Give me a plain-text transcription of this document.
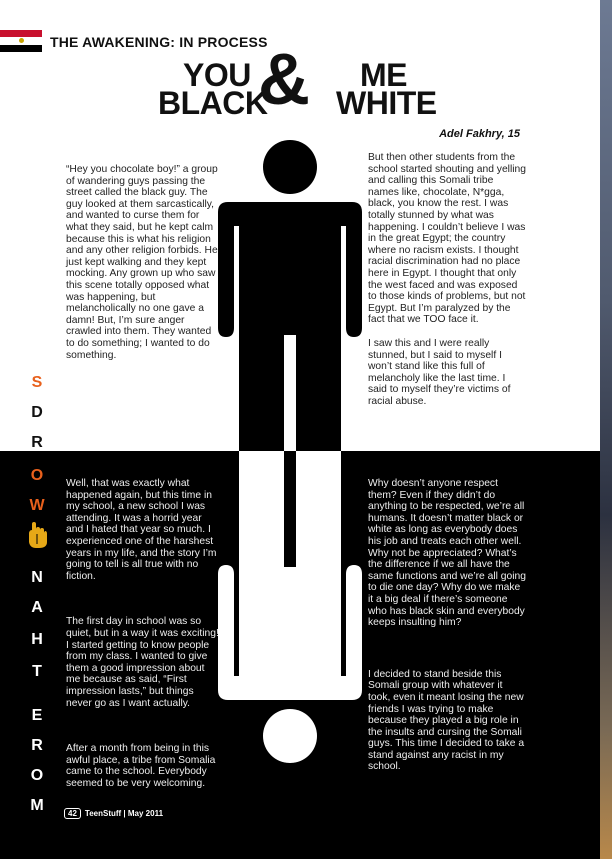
THE AWAKENING: IN PROCESS
YOU
BLACK
& ME
WHITE
Adel Fakhry, 15

“Hey you chocolate boy!” a group of wandering guys passing the street called the black guy. The guy looked at them sarcastically, and wanted to curse them for what they said, but he kept calm because this is what his religion and any other religion forbids. He just kept walking and they kept mocking. Any grown up who saw this scene totally opposed what was happening, but melancholically no one gave a damn! But, I’m sure anger crawled into them. They wanted to do something; I wanted to do something.

But then other students from the school started shouting and yelling and calling this Somali tribe names like, chocolate, N*gga, black, you know the rest. I was totally stunned by what was happening. I couldn’t believe I was in the great Egypt; the country where no racism exists. I thought racial discrimination had no place here in Egypt. I thought that only the west faced and was exposed to those kinds of problems, but not Egypt. But I’m paralyzed by the fact that we TOO face it.

I saw this and I were really stunned, but I said to myself I won’t stand like this full of melancholy like the last time. I said to myself they’re victims of racial abuse.

Well, that was exactly what happened again, but this time in my school, a new school I was attending. It was a horrid year and I hated that year so much. I experienced one of the harshest years in my life, and the story I’m going to tell is all true with no fiction.

The first day in school was so quiet, but in a way it was exciting! I started getting to know people from my class. I wanted to give them a good impression about me because as said, “First impression lasts,” but things never go as I want actually.

After a month from being in this awful place, a tribe from Somalia came to the school. Everybody seemed to be very welcoming.

Why doesn’t anyone respect them? Even if they didn’t do anything to be respected, we’re all humans. It doesn’t matter black or white as long as everybody does his job and treats each other well. Why not be appreciated? What’s the difference if we all have the same functions and we’re all going to die one day? Why do we make it a big deal if there’s someone who has black skin and everybody keeps insulting him?

I decided to stand beside this Somali group with whatever it took, even it meant losing the new friends I was trying to make because they played a big role in the insults and cursing the Somali guys. This time I decided to take a stand against any racist in my school.

S
D
R
O
W
N
A
H
T
E
R
O
M	42 TeenStuff | May 2011
